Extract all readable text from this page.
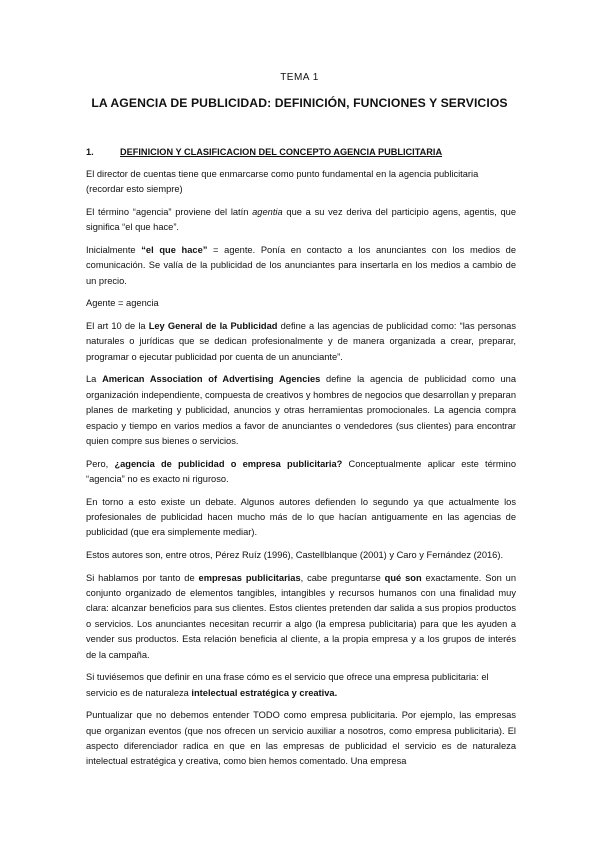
TEMA 1
LA AGENCIA DE PUBLICIDAD: DEFINICIÓN, FUNCIONES Y SERVICIOS
1.	DEFINICION Y CLASIFICACION DEL CONCEPTO AGENCIA PUBLICITARIA

El director de cuentas tiene que enmarcarse como punto fundamental en la agencia publicitaria (recordar esto siempre)

El término “agencia” proviene del latín agentia que a su vez deriva del participio agens, agentis, que significa “el que hace”.

Inicialmente “el que hace” = agente. Ponía en contacto a los anunciantes con los medios de comunicación. Se valía de la publicidad de los anunciantes para insertarla en los medios a cambio de un precio.

Agente = agencia

El art 10 de la Ley General de la Publicidad define a las agencias de publicidad como: “las personas naturales o jurídicas que se dedican profesionalmente y de manera organizada a crear, preparar, programar o ejecutar publicidad por cuenta de un anunciante”.

La American Association of Advertising Agencies define la agencia de publicidad como una organización independiente, compuesta de creativos y hombres de negocios que desarrollan y preparan planes de marketing y publicidad, anuncios y otras herramientas promocionales. La agencia compra espacio y tiempo en varios medios a favor de anunciantes o vendedores (sus clientes) para encontrar quien compre sus bienes o servicios.

Pero, ¿agencia de publicidad o empresa publicitaria? Conceptualmente aplicar este término “agencia” no es exacto ni riguroso.

En torno a esto existe un debate. Algunos autores defienden lo segundo ya que actualmente los profesionales de publicidad hacen mucho más de lo que hacían antiguamente en las agencias de publicidad (que era simplemente mediar).

Estos autores son, entre otros, Pérez Ruíz (1996), Castellblanque (2001) y Caro y Fernández (2016).

Si hablamos por tanto de empresas publicitarias, cabe preguntarse qué son exactamente. Son un conjunto organizado de elementos tangibles, intangibles y recursos humanos con una finalidad muy clara: alcanzar beneficios para sus clientes. Estos clientes pretenden dar salida a sus propios productos o servicios. Los anunciantes necesitan recurrir a algo (la empresa publicitaria) para que les ayuden a vender sus productos. Esta relación beneficia al cliente, a la propia empresa y a los grupos de interés de la campaña.

Si tuviésemos que definir en una frase cómo es el servicio que ofrece una empresa publicitaria: el servicio es de naturaleza intelectual estratégica y creativa.

Puntualizar que no debemos entender TODO como empresa publicitaria. Por ejemplo, las empresas que organizan eventos (que nos ofrecen un servicio auxiliar a nosotros, como empresa publicitaria). El aspecto diferenciador radica en que en las empresas de publicidad el servicio es de naturaleza intelectual estratégica y creativa, como bien hemos comentado. Una empresa
